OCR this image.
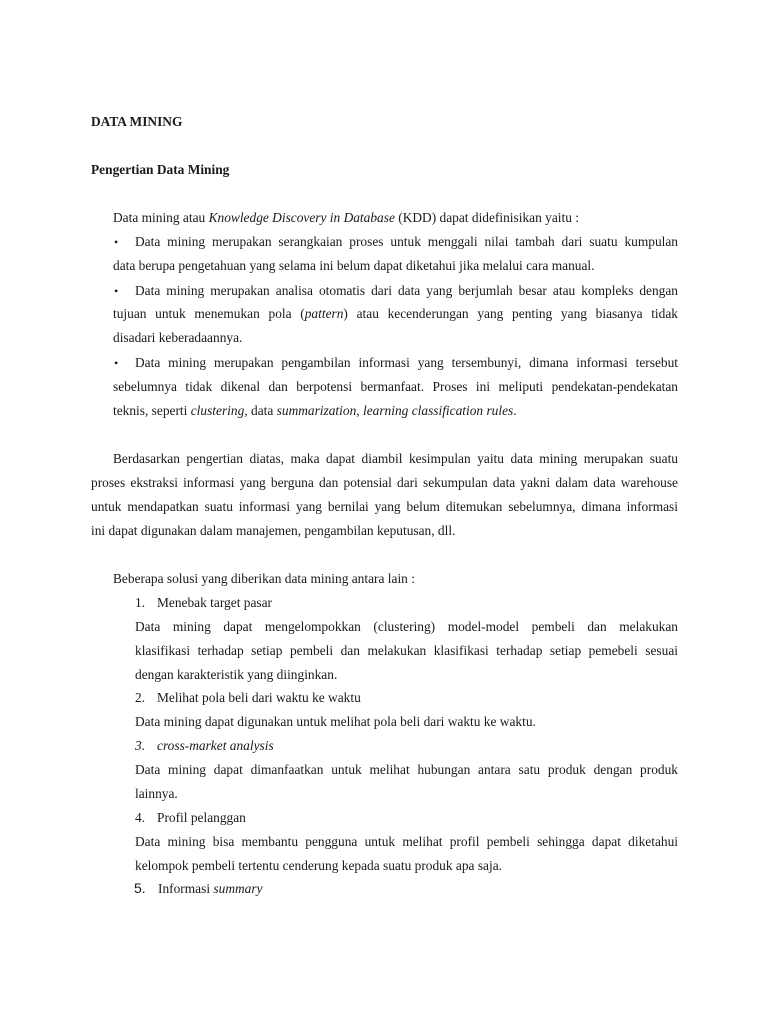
DATA MINING
Pengertian Data Mining
Data mining atau Knowledge Discovery in Database (KDD) dapat didefinisikan yaitu :
• Data mining merupakan serangkaian proses untuk menggali nilai tambah dari suatu kumpulan
data berupa pengetahuan yang selama ini belum dapat diketahui jika melalui cara manual.
• Data mining merupakan analisa otomatis dari data yang berjumlah besar atau kompleks dengan
tujuan untuk menemukan pola (pattern) atau kecenderungan yang penting yang biasanya tidak
disadari keberadaannya.
• Data mining merupakan pengambilan informasi yang tersembunyi, dimana informasi tersebut
sebelumnya tidak dikenal dan berpotensi bermanfaat. Proses ini meliputi pendekatan-pendekatan
teknis, seperti clustering, data summarization, learning classification rules.
Berdasarkan pengertian diatas, maka dapat diambil kesimpulan yaitu data mining merupakan suatu
proses ekstraksi informasi yang berguna dan potensial dari sekumpulan data yakni dalam data warehouse
untuk mendapatkan suatu informasi yang bernilai yang belum ditemukan sebelumnya, dimana informasi
ini dapat digunakan dalam manajemen, pengambilan keputusan, dll.
Beberapa solusi yang diberikan data mining antara lain :
1. Menebak target pasar
Data mining dapat mengelompokkan (clustering) model-model pembeli dan melakukan
klasifikasi terhadap setiap pembeli dan melakukan klasifikasi terhadap setiap pemebeli sesuai
dengan karakteristik yang diinginkan.
2. Melihat pola beli dari waktu ke waktu
Data mining dapat digunakan untuk melihat pola beli dari waktu ke waktu.
3. cross-market analysis
Data mining dapat dimanfaatkan untuk melihat hubungan antara satu produk dengan produk
lainnya.
4. Profil pelanggan
Data mining bisa membantu pengguna untuk melihat profil pembeli sehingga dapat diketahui
kelompok pembeli tertentu cenderung kepada suatu produk apa saja.
5. Informasi summary
